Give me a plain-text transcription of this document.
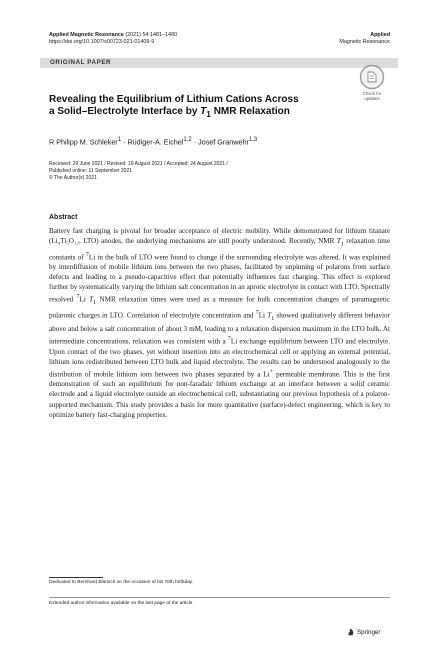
Applied Magnetic Resonance (2021) 54:1481–1480
https://doi.org/10.1007/s00723-021-01409-9
Applied
Magnetic Resonance
ORIGINAL PAPER
Check for
updates
Revealing the Equilibrium of Lithium Cations Across
a Solid–Electrolyte Interface by $T_1$ NMR Relaxation
R Philipp M. Schleker$^1$ · Rüdiger-A. Eichel$^{1,2}$ · Josef Granwehr$^{1,3}$
Received: 29 June 2021 / Revised: 19 August 2021 / Accepted: 24 August 2021 /
Published online: 11 September 2021
© The Author(s) 2021
Abstract

Battery fast charging is pivotal for broader acceptance of electric mobility. While demonstrated for lithium titanate (Li₄Ti₅O₁₂, LTO) anodes, the underlying mechanisms are still poorly understood. Recently, NMR $T_1$ relaxation time constants of $^7$Li in the bulk of LTO were found to change if the surrounding electrolyte was altered. It was explained by interdiffusion of mobile lithium ions between the two phases, facilitated by unpinning of polarons from surface defects and leading to a pseudo-capacitive effect that potentially influences fast charging. This effect is explored further by systematically varying the lithium salt concentration in an aprotic electrolyte in contact with LTO. Spectrally resolved $^7$Li $T_1$ NMR relaxation times were used as a measure for bulk concentration changes of paramagnetic polaronic charges in LTO. Correlation of electrolyte concentration and $^7$Li $T_1$ showed qualitatively different behavior above and below a salt concentration of about 3 mM, leading to a relaxation dispersion maximum in the LTO bulk. At intermediate concentrations, relaxation was consistent with a $^7$Li exchange equilibrium between LTO and electrolyte. Upon contact of the two phases, yet without insertion into an electrochemical cell or applying an external potential, lithium ions redistributed between LTO bulk and liquid electrolyte. The results can be understood analogously to the distribution of mobile lithium ions between two phases separated by a Li+ permeable membrane. This is the first demonstration of such an equilibrium for non-faradaic lithium exchange at an interface between a solid ceramic electrode and a liquid electrolyte outside an electrochemical cell, substantiating our previous hypothesis of a polaron-supported mechanism. This study provides a basis for more quantitative (surface)-defect engineering, which is key to optimize battery fast-charging properties.

Dedicated to Bernhard Blümich on the occasion of his 70th birthday.
Extended author information available on the last page of the article
Springer
